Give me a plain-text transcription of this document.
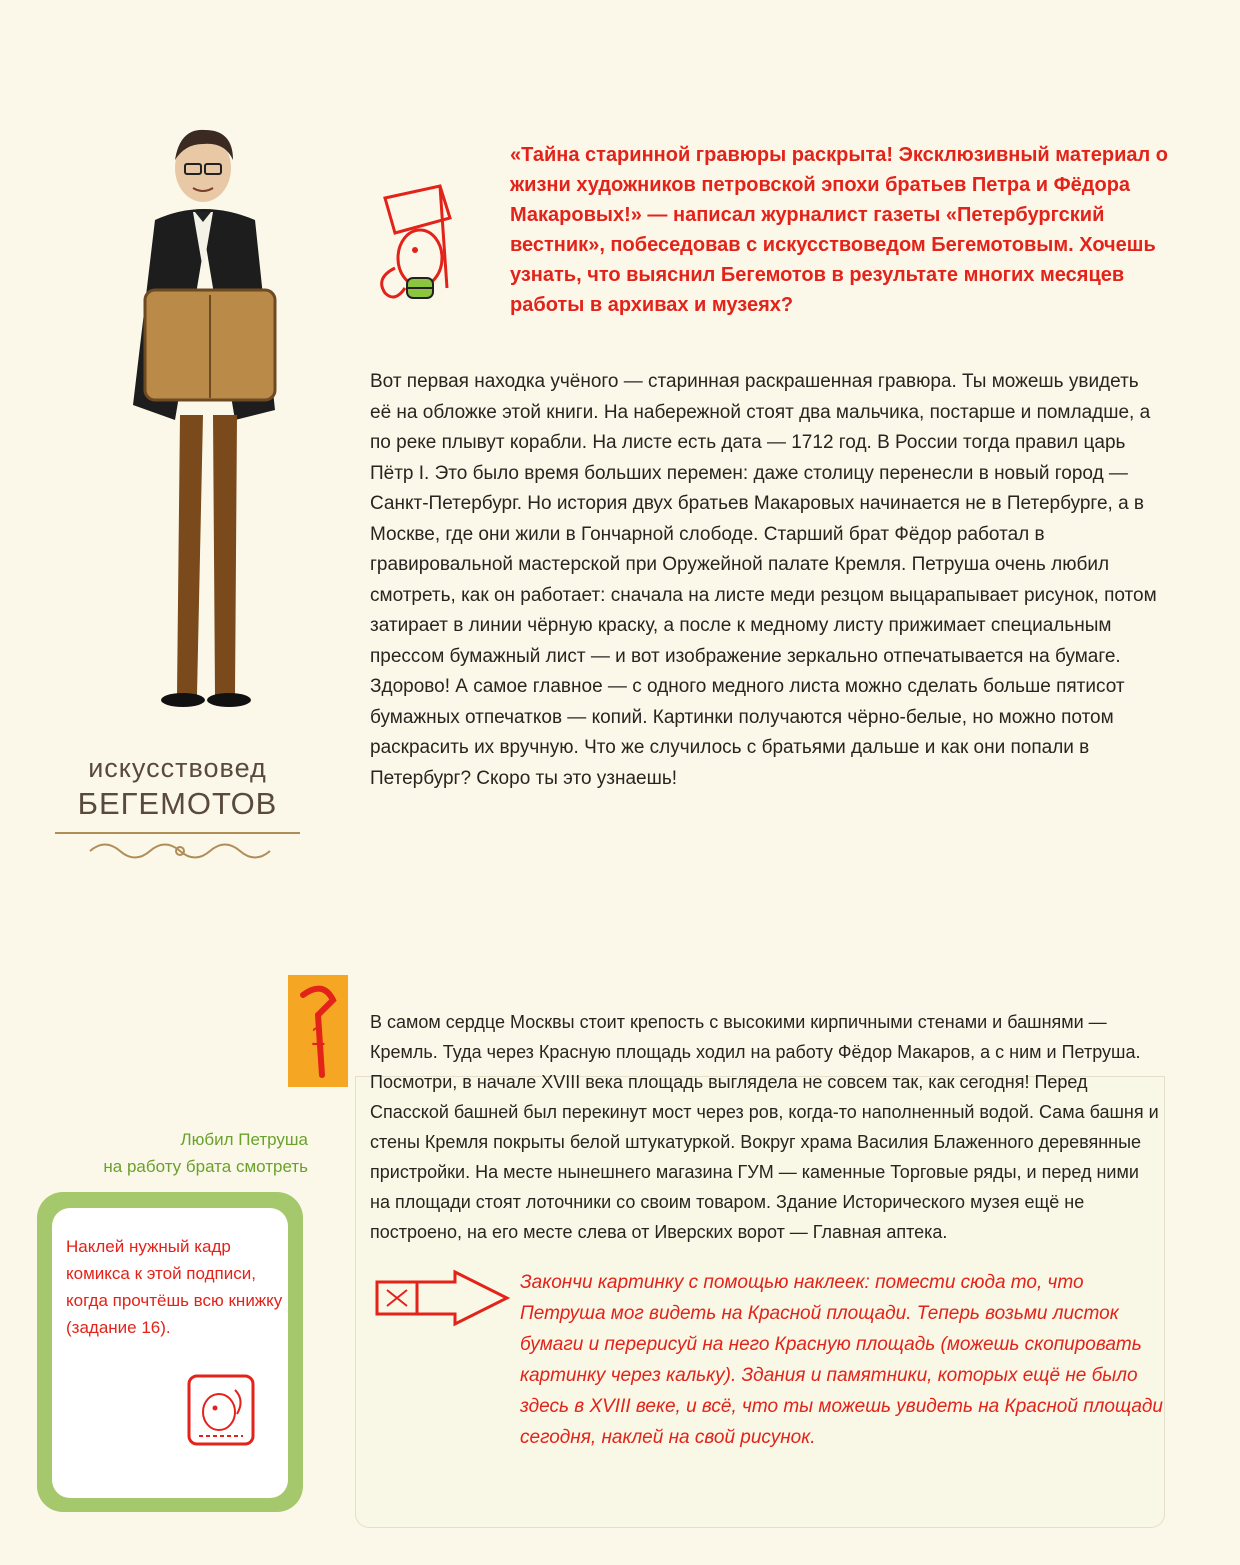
искусствовед
БЕГЕМОТОВ

«Тайна старинной гравюры раскрыта! Эксклюзивный материал о жизни художников петровской эпохи братьев Петра и Фёдора Макаровых!» — написал журналист газеты «Петербургский вестник», побеседовав с искусствоведом Бегемотовым. Хочешь узнать, что выяснил Бегемотов в результате многих месяцев работы в архивах и музеях?

Вот первая находка учёного — старинная раскрашенная гравюра. Ты можешь увидеть её на обложке этой книги. На набережной стоят два мальчика, постарше и помладше, а по реке плывут корабли. На листе есть дата — 1712 год. В России тогда правил царь Пётр I. Это было время больших перемен: даже столицу перенесли в новый город — Санкт-Петербург. Но история двух братьев Макаровых начинается не в Петербурге, а в Москве, где они жили в Гончарной слободе. Старший брат Фёдор работал в гравировальной мастерской при Оружейной палате Кремля. Петруша очень любил смотреть, как он работает: сначала на листе меди резцом выцарапывает рисунок, потом затирает в линии чёрную краску, а после к медному листу прижимает специальным прессом бумажный лист — и вот изображение зеркально отпечатывается на бумаге. Здорово! А самое главное — с одного медного листа можно сделать больше пятисот бумажных отпечатков — копий. Картинки получаются чёрно-белые, но можно потом раскрасить их вручную. Что же случилось с братьями дальше и как они попали в Петербург? Скоро ты это узнаешь!

1 В самом сердце Москвы стоит крепость с высокими кирпичными стенами и башнями — Кремль. Туда через Красную площадь ходил на работу Фёдор Макаров, а с ним и Петруша. Посмотри, в начале XVIII века площадь выглядела не совсем так, как сегодня! Перед Спасской башней был перекинут мост через ров, когда-то наполненный водой. Сама башня и стены Кремля покрыты белой штукатуркой. Вокруг храма Василия Блаженного деревянные пристройки. На месте нынешнего магазина ГУМ — каменные Торговые ряды, и перед ними на площади стоят лоточники со своим товаром. Здание Исторического музея ещё не построено, на его месте слева от Иверских ворот — Главная аптека.

Закончи картинку с помощью наклеек: помести сюда то, что Петруша мог видеть на Красной площади. Теперь возьми листок бумаги и перерисуй на него Красную площадь (можешь скопировать картинку через кальку). Здания и памятники, которых ещё не было здесь в XVIII веке, и всё, что ты можешь увидеть на Красной площади сегодня, наклей на свой рисунок.

Любил Петруша
на работу брата смотреть

Наклей нужный кадр комикса к этой подписи, когда прочтёшь всю книжку (задание 16).
